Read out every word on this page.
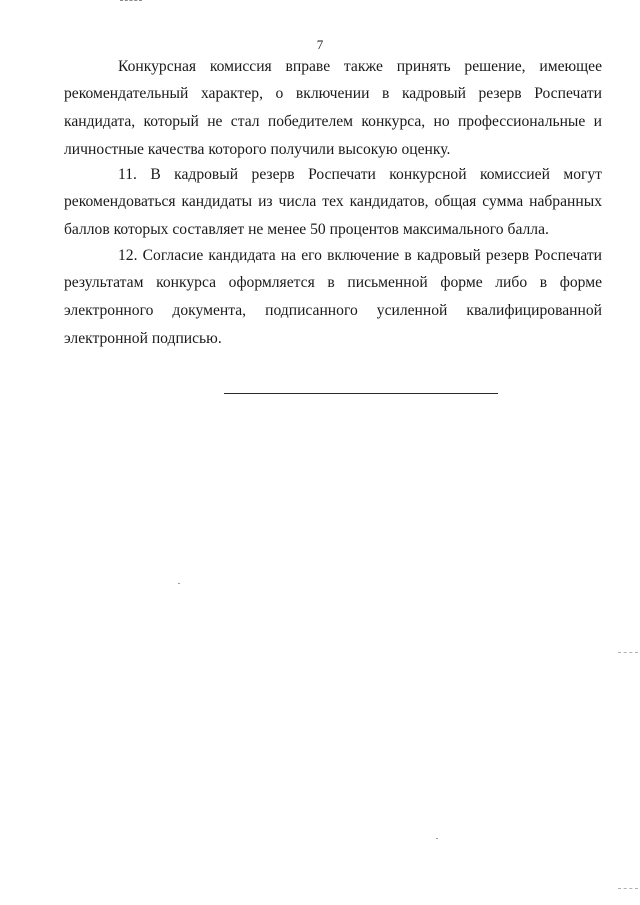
7
Конкурсная комиссия вправе также принять решение, имеющее
рекомендательный характер, о включении в кадровый резерв Роспечати
кандидата, который не стал победителем конкурса, но профессиональные и
личностные качества которого получили высокую оценку.
11. В кадровый резерв Роспечати конкурсной комиссией могут
рекомендоваться кандидаты из числа тех кандидатов, общая сумма набранных
баллов которых составляет не менее 50 процентов максимального балла.
12. Согласие кандидата на его включение в кадровый резерв Роспечати
результатам конкурса оформляется в письменной форме либо в форме
электронного документа, подписанного усиленной квалифицированной
электронной подписью.
